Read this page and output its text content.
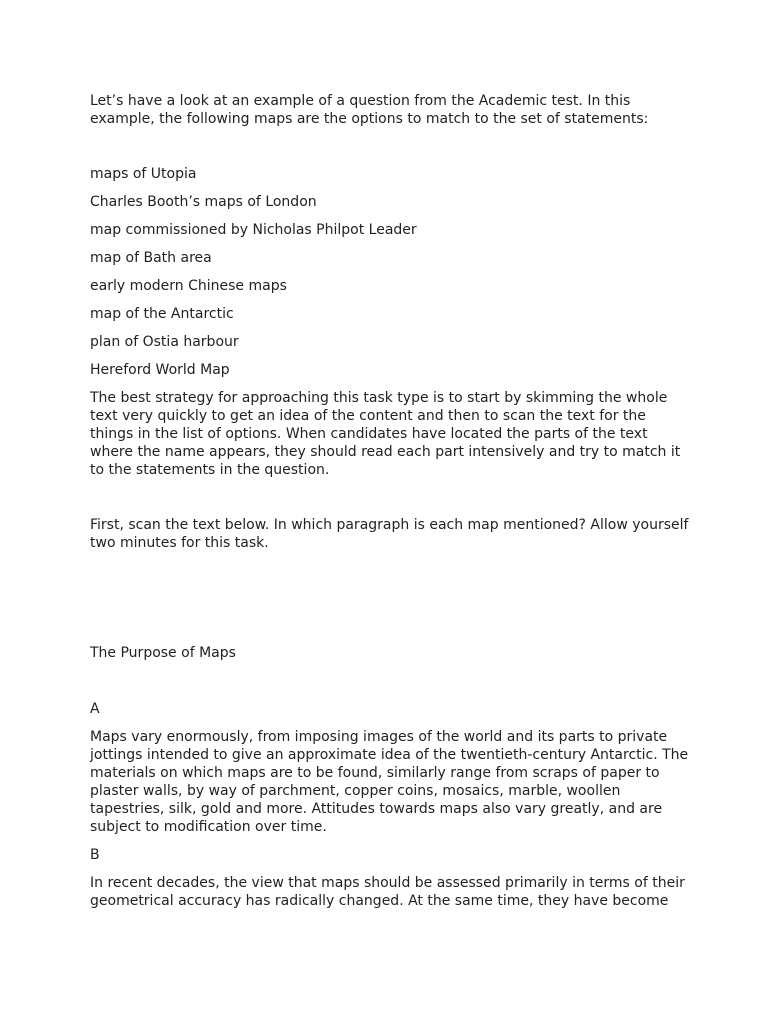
Let’s have a look at an example of a question from the Academic test. In this example, the following maps are the options to match to the set of statements:

maps of Utopia

Charles Booth’s maps of London

map commissioned by Nicholas Philpot Leader

map of Bath area

early modern Chinese maps

map of the Antarctic

plan of Ostia harbour

Hereford World Map

The best strategy for approaching this task type is to start by skimming the whole text very quickly to get an idea of the content and then to scan the text for the things in the list of options. When candidates have located the parts of the text where the name appears, they should read each part intensively and try to match it to the statements in the question.

First, scan the text below. In which paragraph is each map mentioned? Allow yourself two minutes for this task.

The Purpose of Maps

A

Maps vary enormously, from imposing images of the world and its parts to private jottings intended to give an approximate idea of the twentieth-century Antarctic. The materials on which maps are to be found, similarly range from scraps of paper to plaster walls, by way of parchment, copper coins, mosaics, marble, woollen tapestries, silk, gold and more. Attitudes towards maps also vary greatly, and are subject to modification over time.

B

In recent decades, the view that maps should be assessed primarily in terms of their geometrical accuracy has radically changed. At the same time, they have become
